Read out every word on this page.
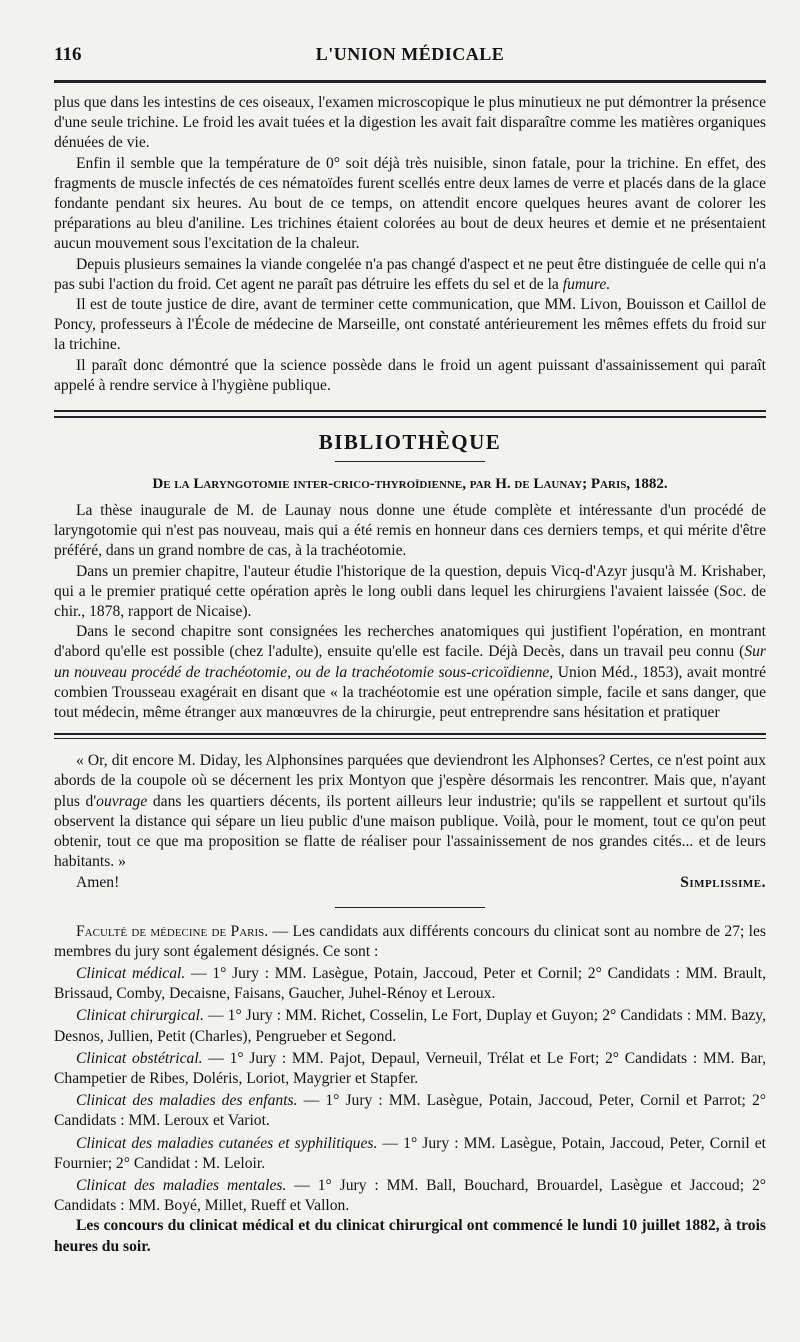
116	L'UNION MÉDICALE

plus que dans les intestins de ces oiseaux, l'examen microscopique le plus minutieux ne put démontrer la présence d'une seule trichine. Le froid les avait tuées et la digestion les avait fait disparaître comme les matières organiques dénuées de vie.

Enfin il semble que la température de 0° soit déjà très nuisible, sinon fatale, pour la trichine. En effet, des fragments de muscle infectés de ces nématoïdes furent scellés entre deux lames de verre et placés dans de la glace fondante pendant six heures. Au bout de ce temps, on attendit encore quelques heures avant de colorer les préparations au bleu d'aniline. Les trichines étaient colorées au bout de deux heures et demie et ne présentaient aucun mouvement sous l'excitation de la chaleur.

Depuis plusieurs semaines la viande congelée n'a pas changé d'aspect et ne peut être distinguée de celle qui n'a pas subi l'action du froid. Cet agent ne paraît pas détruire les effets du sel et de la fumure.

Il est de toute justice de dire, avant de terminer cette communication, que MM. Livon, Bouisson et Caillol de Poncy, professeurs à l'École de médecine de Marseille, ont constaté antérieurement les mêmes effets du froid sur la trichine.

Il paraît donc démontré que la science possède dans le froid un agent puissant d'assainissement qui paraît appelé à rendre service à l'hygiène publique.

BIBLIOTHÈQUE
De la Laryngotomie inter-crico-thyroïdienne, par H. de Launay; Paris, 1882.

La thèse inaugurale de M. de Launay nous donne une étude complète et intéressante d'un procédé de laryngotomie qui n'est pas nouveau, mais qui a été remis en honneur dans ces derniers temps, et qui mérite d'être préféré, dans un grand nombre de cas, à la trachéotomie.

Dans un premier chapitre, l'auteur étudie l'historique de la question, depuis Vicq-d'Azyr jusqu'à M. Krishaber, qui a le premier pratiqué cette opération après le long oubli dans lequel les chirurgiens l'avaient laissée (Soc. de chir., 1878, rapport de Nicaise).

Dans le second chapitre sont consignées les recherches anatomiques qui justifient l'opération, en montrant d'abord qu'elle est possible (chez l'adulte), ensuite qu'elle est facile. Déjà Decès, dans un travail peu connu (Sur un nouveau procédé de trachéotomie, ou de la trachéotomie sous-cricoïdienne, Union Méd., 1853), avait montré combien Trousseau exagérait en disant que « la trachéotomie est une opération simple, facile et sans danger, que tout médecin, même étranger aux manœuvres de la chirurgie, peut entreprendre sans hésitation et pratiquer

« Or, dit encore M. Diday, les Alphonsines parquées que deviendront les Alphonses? Certes, ce n'est point aux abords de la coupole où se décernent les prix Montyon que j'espère désormais les rencontrer. Mais que, n'ayant plus d'ouvrage dans les quartiers décents, ils portent ailleurs leur industrie; qu'ils se rappellent et surtout qu'ils observent la distance qui sépare un lieu public d'une maison publique. Voilà, pour le moment, tout ce qu'on peut obtenir, tout ce que ma proposition se flatte de réaliser pour l'assainissement de nos grandes cités... et de leurs habitants. »

Amen!	Simplissime.

Faculté de médecine de Paris. — Les candidats aux différents concours du clinicat sont au nombre de 27; les membres du jury sont également désignés. Ce sont :

Clinicat médical. — 1° Jury : MM. Lasègue, Potain, Jaccoud, Peter et Cornil; 2° Candidats : MM. Brault, Brissaud, Comby, Decaisne, Faisans, Gaucher, Juhel-Rénoy et Leroux.

Clinicat chirurgical. — 1° Jury : MM. Richet, Cosselin, Le Fort, Duplay et Guyon; 2° Candidats : MM. Bazy, Desnos, Jullien, Petit (Charles), Pengrueber et Segond.

Clinicat obstétrical. — 1° Jury : MM. Pajot, Depaul, Verneuil, Trélat et Le Fort; 2° Candidats : MM. Bar, Champetier de Ribes, Doléris, Loriot, Maygrier et Stapfer.

Clinicat des maladies des enfants. — 1° Jury : MM. Lasègue, Potain, Jaccoud, Peter, Cornil et Parrot; 2° Candidats : MM. Leroux et Variot.

Clinicat des maladies cutanées et syphilitiques. — 1° Jury : MM. Lasègue, Potain, Jaccoud, Peter, Cornil et Fournier; 2° Candidat : M. Leloir.

Clinicat des maladies mentales. — 1° Jury : MM. Ball, Bouchard, Brouardel, Lasègue et Jaccoud; 2° Candidats : MM. Boyé, Millet, Rueff et Vallon.

Les concours du clinicat médical et du clinicat chirurgical ont commencé le lundi 10 juillet 1882, à trois heures du soir.
